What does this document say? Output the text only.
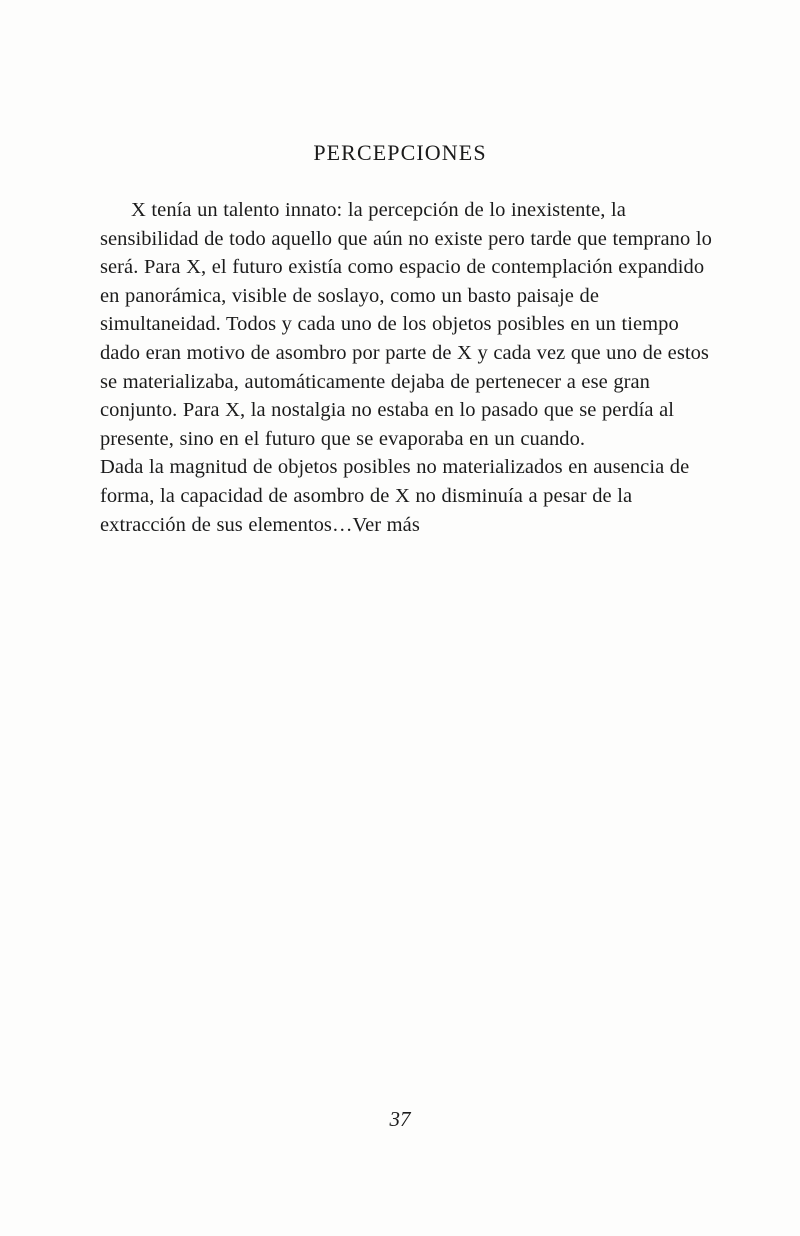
PERCEPCIONES

X tenía un talento innato: la percepción de lo inexistente, la sensibilidad de todo aquello que aún no existe pero tarde que temprano lo será. Para X, el futuro existía como espacio de contemplación expandido en panorámica, visible de soslayo, como un basto paisaje de simultaneidad. Todos y cada uno de los objetos posibles en un tiempo dado eran motivo de asombro por parte de X y cada vez que uno de estos se materializaba, automáticamente dejaba de pertenecer a ese gran conjunto. Para X, la nostalgia no estaba en lo pasado que se perdía al presente, sino en el futuro que se evaporaba en un cuando.

Dada la magnitud de objetos posibles no materializados en ausencia de forma, la capacidad de asombro de X no disminuía a pesar de la extracción de sus elementos…Ver más

37
